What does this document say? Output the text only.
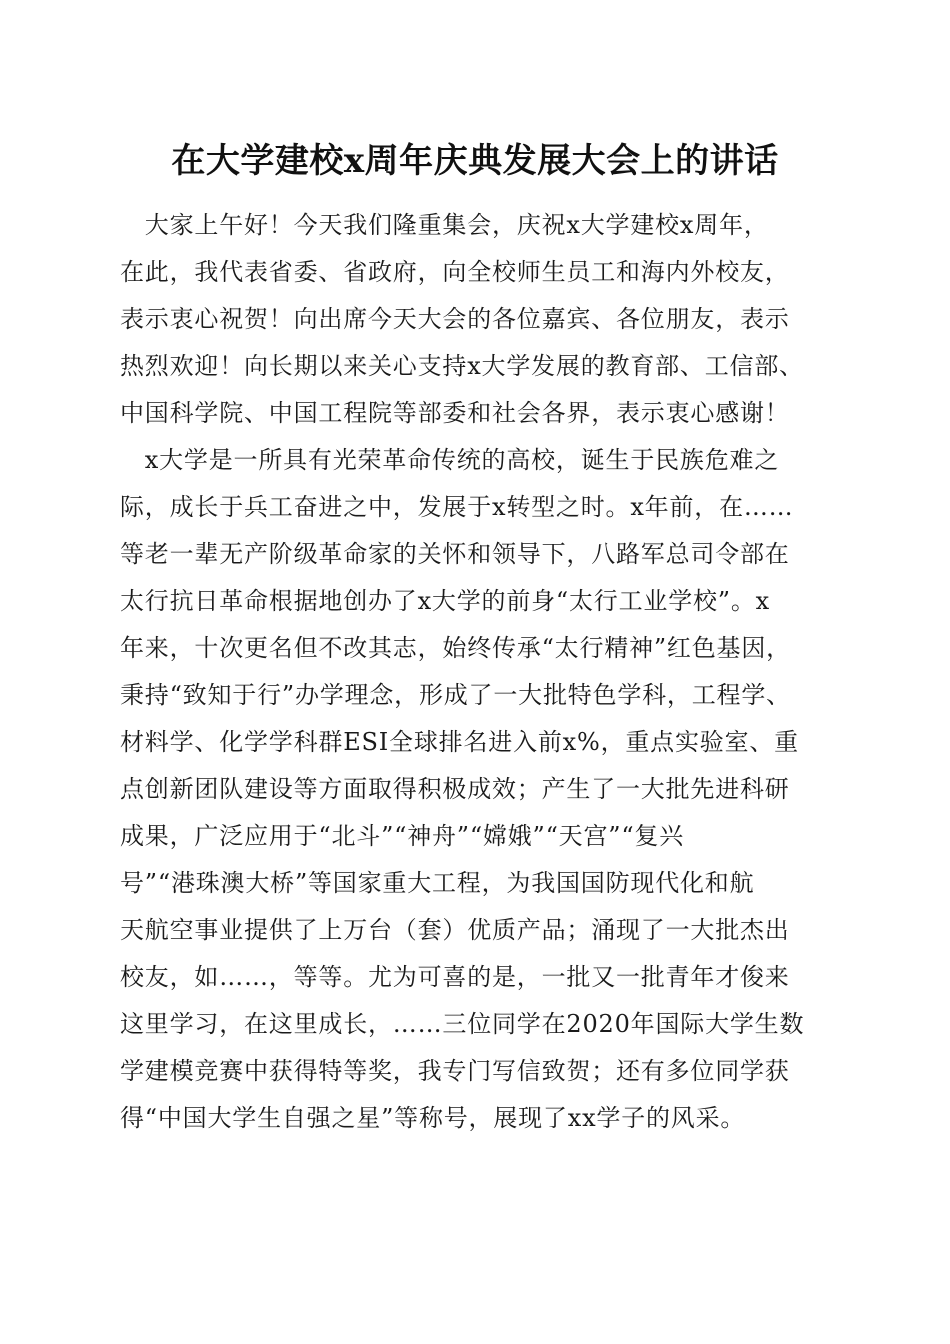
在大学建校x周年庆典发展大会上的讲话
　大家上午好！今天我们隆重集会，庆祝x大学建校x周年，
在此，我代表省委、省政府，向全校师生员工和海内外校友，
表示衷心祝贺！向出席今天大会的各位嘉宾、各位朋友，表示
热烈欢迎！向长期以来关心支持x大学发展的教育部、工信部、
中国科学院、中国工程院等部委和社会各界，表示衷心感谢！
　x大学是一所具有光荣革命传统的高校，诞生于民族危难之
际，成长于兵工奋进之中，发展于x转型之时。x年前，在……
等老一辈无产阶级革命家的关怀和领导下，八路军总司令部在
太行抗日革命根据地创办了x大学的前身“太行工业学校”。x
年来，十次更名但不改其志，始终传承“太行精神”红色基因，
秉持“致知于行”办学理念，形成了一大批特色学科，工程学、
材料学、化学学科群ESI全球排名进入前x%，重点实验室、重
点创新团队建设等方面取得积极成效；产生了一大批先进科研
成果，广泛应用于“北斗”“神舟”“嫦娥”“天宫”“复兴
号”“港珠澳大桥”等国家重大工程，为我国国防现代化和航
天航空事业提供了上万台（套）优质产品；涌现了一大批杰出
校友，如……，等等。尤为可喜的是，一批又一批青年才俊来
这里学习，在这里成长，……三位同学在2020年国际大学生数
学建模竞赛中获得特等奖，我专门写信致贺；还有多位同学获
得“中国大学生自强之星”等称号，展现了xx学子的风采。
